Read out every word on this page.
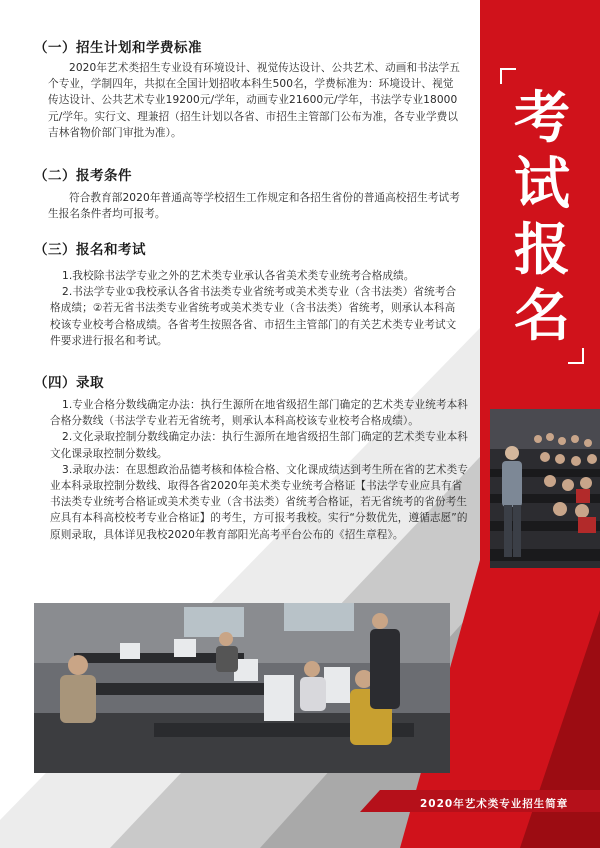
（一）招生计划和学费标准

2020年艺术类招生专业设有环境设计、视觉传达设计、公共艺术、动画和书法学五个专业，学制四年，共拟在全国计划招收本科生500名，学费标准为：环境设计、视觉传达设计、公共艺术专业19200元/学年，动画专业21600元/学年，书法学专业18000元/学年。实行文、理兼招（招生计划以各省、市招生主管部门公布为准，各专业学费以吉林省物价部门审批为准）。

（二）报考条件

符合教育部2020年普通高等学校招生工作规定和各招生省份的普通高校招生考试考生报名条件者均可报考。

（三）报名和考试

1.我校除书法学专业之外的艺术类专业承认各省美术类专业统考合格成绩。

2.书法学专业①我校承认各省书法类专业省统考或美术类专业（含书法类）省统考合格成绩；②若无省书法类专业省统考或美术类专业（含书法类）省统考，则承认本科高校该专业校考合格成绩。各省考生按照各省、市招生主管部门的有关艺术类专业考试文件要求进行报名和考试。

（四）录取

1.专业合格分数线确定办法：执行生源所在地省级招生部门确定的艺术类专业统考本科合格分数线（书法学专业若无省统考，则承认本科高校该专业校考合格成绩）。

2.文化录取控制分数线确定办法：执行生源所在地省级招生部门确定的艺术类专业本科文化课录取控制分数线。

3.录取办法：在思想政治品德考核和体检合格、文化课成绩达到考生所在省的艺术类专业本科录取控制分数线、取得各省2020年美术类专业统考合格证【书法学专业应具有省书法类专业统考合格证或美术类专业（含书法类）省统考合格证，若无省统考的省份考生应具有本科高校校考专业合格证】的考生，方可报考我校。实行“分数优先，遵循志愿”的原则录取，具体详见我校2020年教育部阳光高考平台公布的《招生章程》。

考
试
报
名
2020年艺术类专业招生简章
